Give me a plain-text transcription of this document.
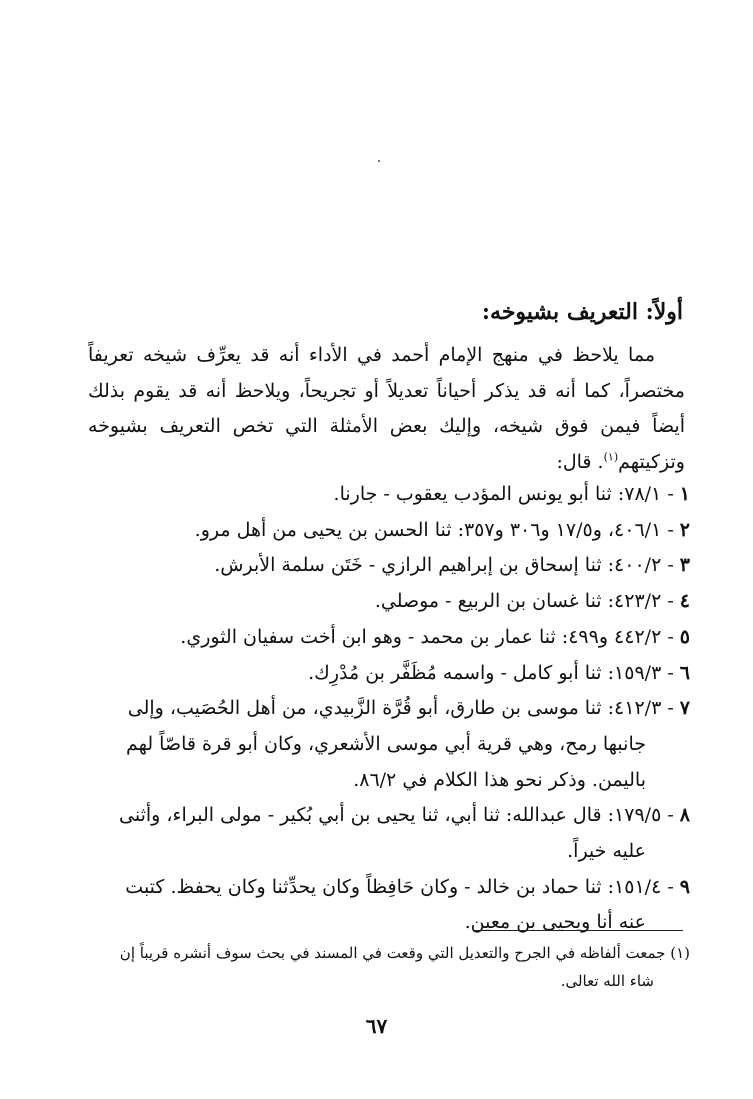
أولاً: التعريف بشيوخه:
مما يلاحظ في منهج الإمام أحمد في الأداء أنه قد يعرِّف شيخه تعريفاً مختصراً، كما أنه قد يذكر أحياناً تعديلاً أو تجريحاً، ويلاحظ أنه قد يقوم بذلك أيضاً فيمن فوق شيخه، وإليك بعض الأمثلة التي تخص التعريف بشيوخه وتزكيتهم$^{(١)}$. قال:
١ - ٧٨/١: ثنا أبو يونس المؤدب يعقوب - جارنا.
٢ - ٤٠٦/١، و١٧/٥ و٣٠٦ و٣٥٧: ثنا الحسن بن يحيى من أهل مرو.
٣ - ٤٠٠/٢: ثنا إسحاق بن إبراهيم الرازي - خَتَن سلمة الأبرش.
٤ - ٤٢٣/٢: ثنا غسان بن الربيع - موصلي.
٥ - ٤٤٢/٢ و٤٩٩: ثنا عمار بن محمد - وهو ابن أخت سفيان الثوري.
٦ - ١٥٩/٣: ثنا أبو كامل - واسمه مُظَفَّر بن مُدْرِك.
٧ - ٤١٢/٣: ثنا موسى بن طارق، أبو قُرَّة الزَّبيدي، من أهل الحُصَيب، وإلى
جانبها رمح، وهي قرية أبي موسى الأشعري، وكان أبو قرة قاصّاً لهم
باليمن. وذكر نحو هذا الكلام في ٨٦/٢.
٨ - ١٧٩/٥: قال عبدالله: ثنا أبي، ثنا يحيى بن أبي بُكير - مولى البراء، وأثنى
عليه خيراً.
٩ - ١٥١/٤: ثنا حماد بن خالد - وكان حَافِظاً وكان يحدِّثنا وكان يحفظ. كتبت
عنه أنا ويحيى بن معين.
(١) جمعت ألفاظه في الجرح والتعديل التي وقعت في المسند في بحث سوف أنشره قريباً إن
شاء الله تعالى.
٦٧
